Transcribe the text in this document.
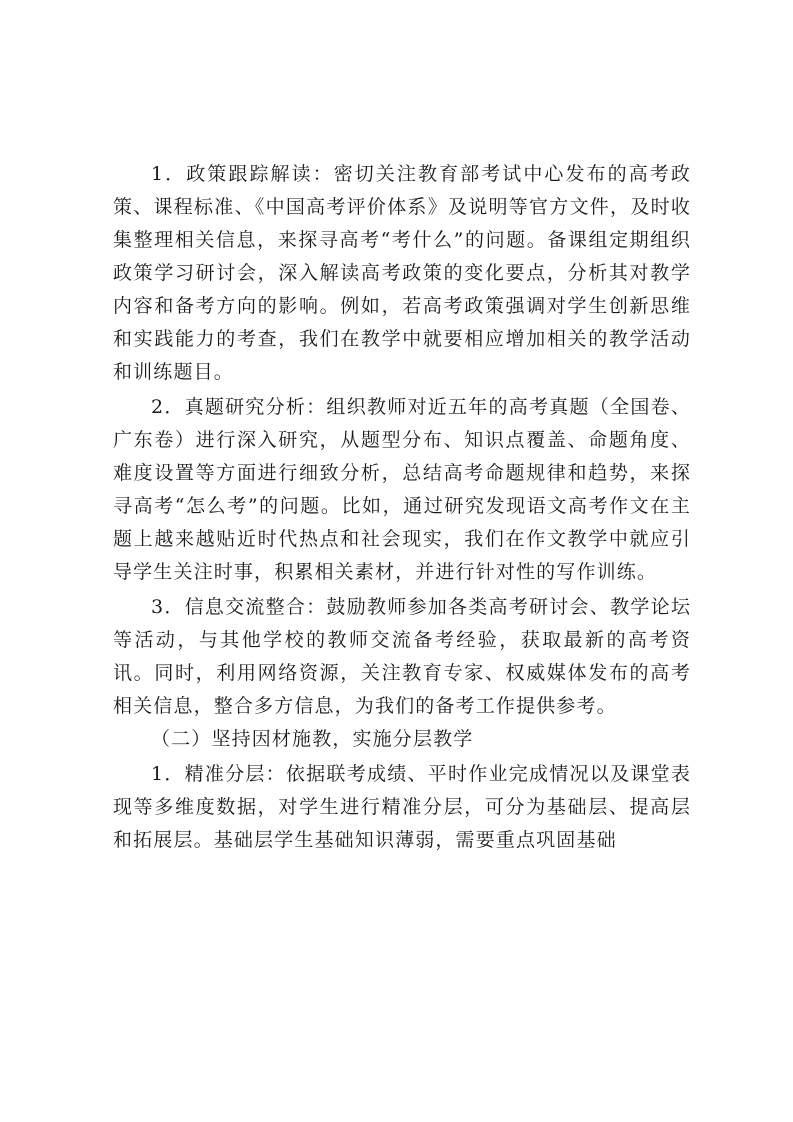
1．政策跟踪解读：密切关注教育部考试中心发布的高考政策、课程标准、《中国高考评价体系》及说明等官方文件，及时收集整理相关信息，来探寻高考“考什么”的问题。备课组定期组织政策学习研讨会，深入解读高考政策的变化要点，分析其对教学内容和备考方向的影响。例如，若高考政策强调对学生创新思维和实践能力的考查，我们在教学中就要相应增加相关的教学活动和训练题目。

2．真题研究分析：组织教师对近五年的高考真题（全国卷、广东卷）进行深入研究，从题型分布、知识点覆盖、命题角度、难度设置等方面进行细致分析，总结高考命题规律和趋势，来探寻高考“怎么考”的问题。比如，通过研究发现语文高考作文在主题上越来越贴近时代热点和社会现实，我们在作文教学中就应引导学生关注时事，积累相关素材，并进行针对性的写作训练。

3．信息交流整合：鼓励教师参加各类高考研讨会、教学论坛等活动，与其他学校的教师交流备考经验，获取最新的高考资讯。同时，利用网络资源，关注教育专家、权威媒体发布的高考相关信息，整合多方信息，为我们的备考工作提供参考。

（二）坚持因材施教，实施分层教学

1．精准分层：依据联考成绩、平时作业完成情况以及课堂表现等多维度数据，对学生进行精准分层，可分为基础层、提高层和拓展层。基础层学生基础知识薄弱，需要重点巩固基础
